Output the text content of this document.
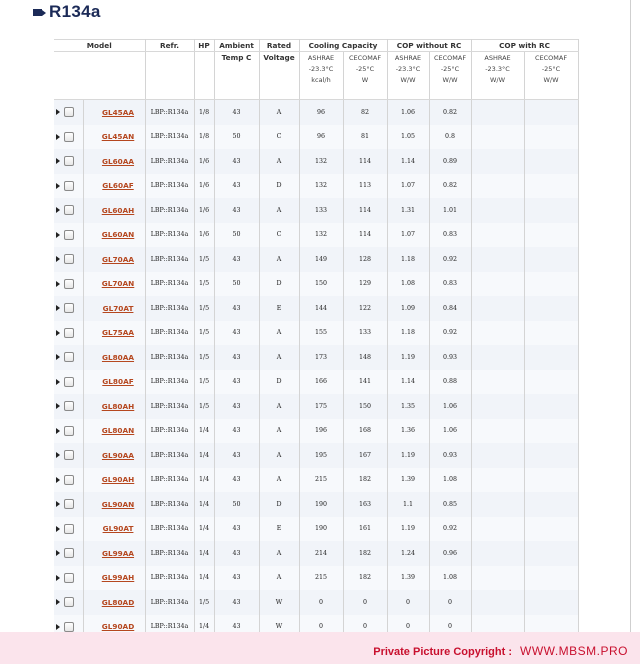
R134a
Model		Refr.	HP	Ambient	Rated	Cooling Capacity		COP without RC		COP with RC	
				Temp C	Voltage	ASHRAE	CECOMAF	ASHRAE	CECOMAF	ASHRAE	CECOMAF
						-23.3°C	-25°C	-23.3°C	-25°C	-23.3°C	-25°C
						kcal/h	W	W/W	W/W	W/W	W/W

	GL45AA	LBP::R134a	1/8	43	A	96	82	1.06	0.82		
	GL45AN	LBP::R134a	1/8	50	C	96	81	1.05	0.8		
	GL60AA	LBP::R134a	1/6	43	A	132	114	1.14	0.89		
	GL60AF	LBP::R134a	1/6	43	D	132	113	1.07	0.82		
	GL60AH	LBP::R134a	1/6	43	A	133	114	1.31	1.01		
	GL60AN	LBP::R134a	1/6	50	C	132	114	1.07	0.83		
	GL70AA	LBP::R134a	1/5	43	A	149	128	1.18	0.92		
	GL70AN	LBP::R134a	1/5	50	D	150	129	1.08	0.83		
	GL70AT	LBP::R134a	1/5	43	E	144	122	1.09	0.84		
	GL75AA	LBP::R134a	1/5	43	A	155	133	1.18	0.92		
	GL80AA	LBP::R134a	1/5	43	A	173	148	1.19	0.93		
	GL80AF	LBP::R134a	1/5	43	D	166	141	1.14	0.88		
	GL80AH	LBP::R134a	1/5	43	A	175	150	1.35	1.06		
	GL80AN	LBP::R134a	1/4	43	A	196	168	1.36	1.06		
	GL90AA	LBP::R134a	1/4	43	A	195	167	1.19	0.93		
	GL90AH	LBP::R134a	1/4	43	A	215	182	1.39	1.08		
	GL90AN	LBP::R134a	1/4	50	D	190	163	1.1	0.85		
	GL90AT	LBP::R134a	1/4	43	E	190	161	1.19	0.92		
	GL99AA	LBP::R134a	1/4	43	A	214	182	1.24	0.96		
	GL99AH	LBP::R134a	1/4	43	A	215	182	1.39	1.08		
	GL80AD	LBP::R134a	1/5	43	W	0	0	0	0		
	GL90AD	LBP::R134a	1/4	43	W	0	0	0	0		
Private Picture Copyright : WWW.MBSM.PRO
